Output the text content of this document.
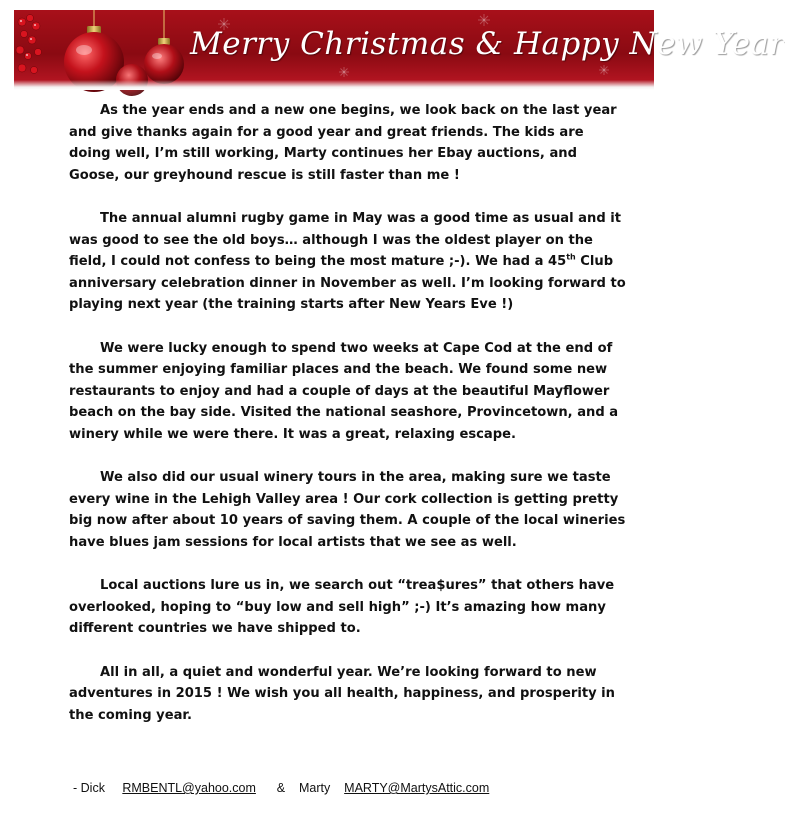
Merry Christmas & Happy New Year

As the year ends and a new one begins, we look back on the last year and give thanks again for a good year and great friends. The kids are doing well, I’m still working, Marty continues her Ebay auctions, and Goose, our greyhound rescue is still faster than me !

The annual alumni rugby game in May was a good time as usual and it was good to see the old boys… although I was the oldest player on the field, I could not confess to being the most mature ;-). We had a 45th Club anniversary celebration dinner in November as well. I’m looking forward to playing next year (the training starts after New Years Eve !)

We were lucky enough to spend two weeks at Cape Cod at the end of the summer enjoying familiar places and the beach. We found some new restaurants to enjoy and had a couple of days at the beautiful Mayflower beach on the bay side. Visited the national seashore, Provincetown, and a winery while we were there. It was a great, relaxing escape.

We also did our usual winery tours in the area, making sure we taste every wine in the Lehigh Valley area ! Our cork collection is getting pretty big now after about 10 years of saving them. A couple of the local wineries have blues jam sessions for local artists that we see as well.

Local auctions lure us in, we search out “trea$ures” that others have overlooked, hoping to “buy low and sell high” ;-) It’s amazing how many different countries we have shipped to.

All in all, a quiet and wonderful year. We’re looking forward to new adventures in 2015 ! We wish you all health, happiness, and prosperity in the coming year.

- Dick RMBENTL@yahoo.com & Marty MARTY@MartysAttic.com
